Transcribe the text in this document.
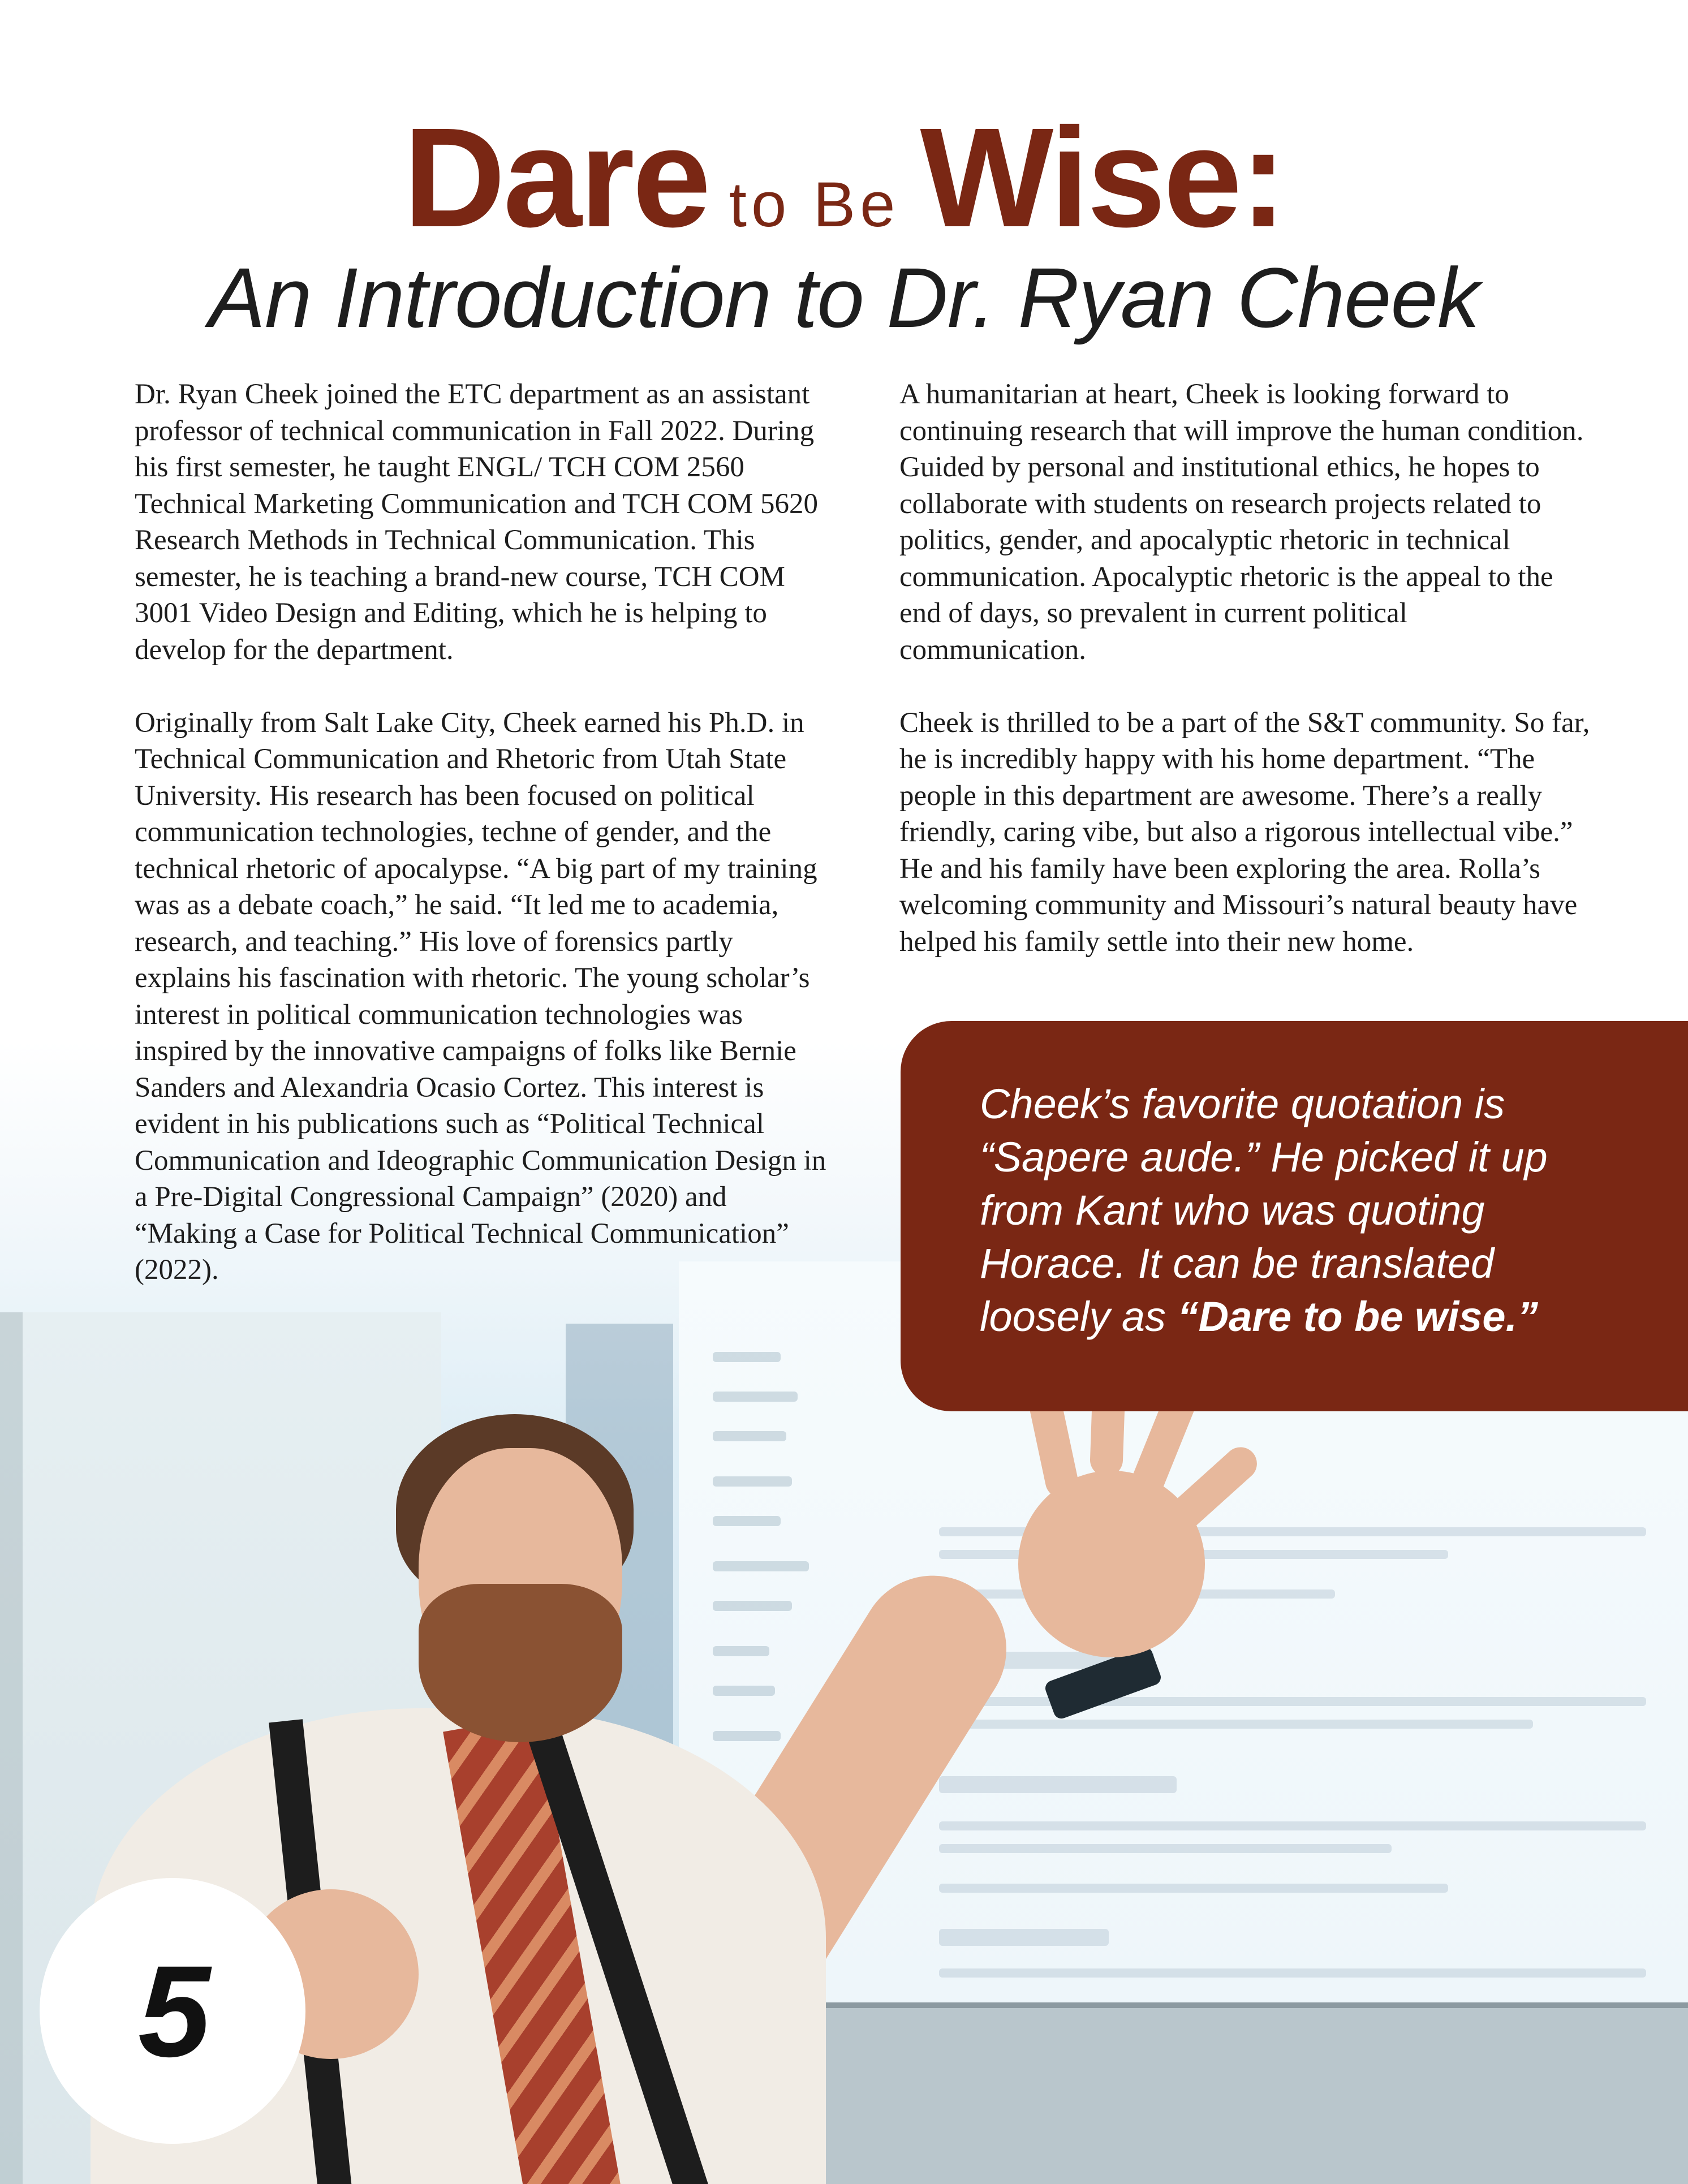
Dare to Be Wise:
An Introduction to Dr. Ryan Cheek

Dr. Ryan Cheek joined the ETC department as an assistant professor of technical communication in Fall 2022. During his first semester, he taught ENGL/ TCH COM 2560 Technical Marketing Communication and TCH COM 5620 Research Methods in Technical Communication. This semester, he is teaching a brand-new course, TCH COM 3001 Video Design and Editing, which he is helping to develop for the department.

Originally from Salt Lake City, Cheek earned his Ph.D. in Technical Communication and Rhetoric from Utah State University. His research has been focused on political communication technologies, techne of gender, and the technical rhetoric of apocalypse. “A big part of my training was as a debate coach,” he said. “It led me to academia, research, and teaching.” His love of forensics partly explains his fascination with rhetoric. The young scholar’s interest in political communication technologies was inspired by the innovative campaigns of folks like Bernie Sanders and Alexandria Ocasio Cortez. This interest is evident in his publications such as “Political Technical Communication and Ideographic Communication Design in a Pre-Digital Congressional Campaign” (2020) and “Making a Case for Political Technical Communication” (2022).

A humanitarian at heart, Cheek is looking forward to continuing research that will improve the human condition. Guided by personal and institutional ethics, he hopes to collaborate with students on research projects related to politics, gender, and apocalyptic rhetoric in technical communication. Apocalyptic rhetoric is the appeal to the end of days, so prevalent in current political communication.

Cheek is thrilled to be a part of the S&T community. So far, he is incredibly happy with his home department. “The people in this department are awesome. There’s a really friendly, caring vibe, but also a rigorous intellectual vibe.” He and his family have been exploring the area. Rolla’s welcoming community and Missouri’s natural beauty have helped his family settle into their new home.

Cheek’s favorite quotation is “Sapere aude.” He picked it up from Kant who was quoting Horace. It can be translated loosely as “Dare to be wise.”
5
